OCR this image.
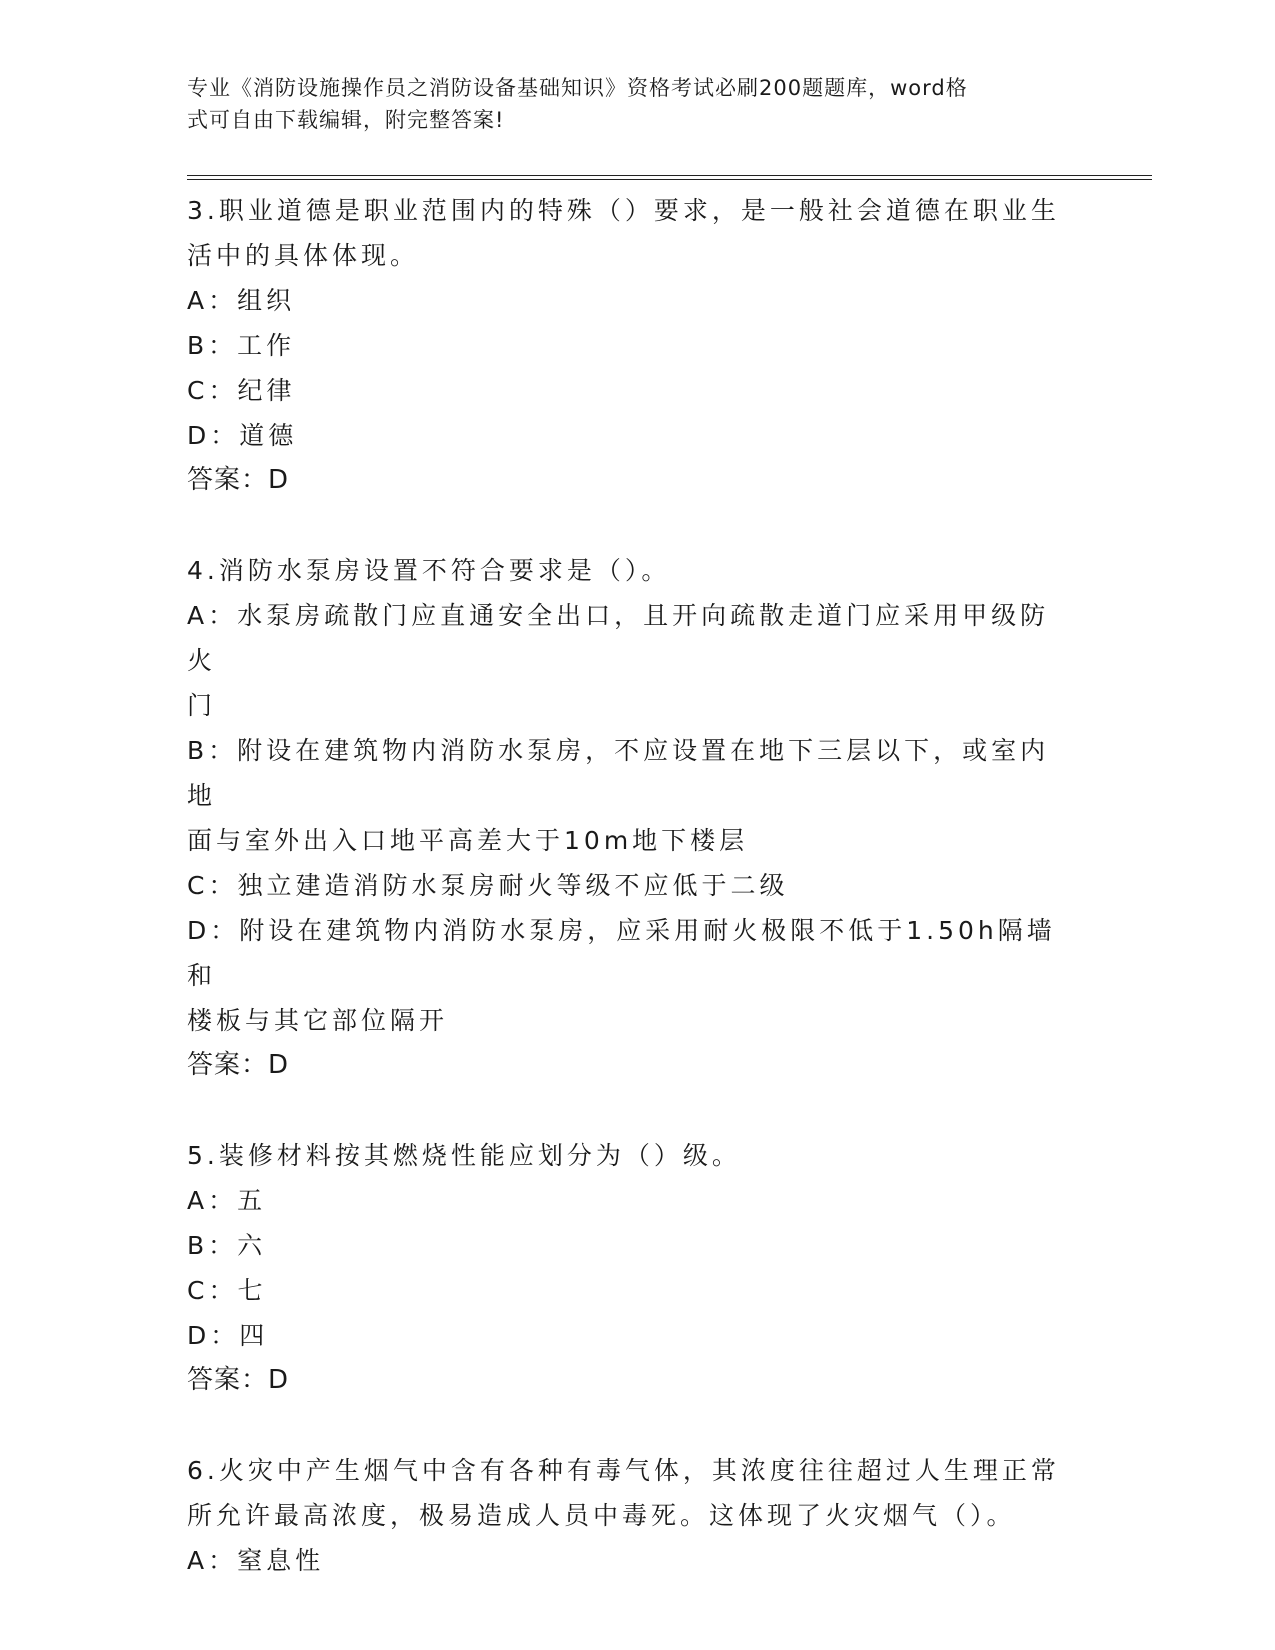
专业《消防设施操作员之消防设备基础知识》资格考试必刷200题题库，word格
式可自由下载编辑，附完整答案!
3.职业道德是职业范围内的特殊（）要求，是一般社会道德在职业生
活中的具体体现。
A：组织
B：工作
C：纪律
D：道德
答案：D
4.消防水泵房设置不符合要求是（）。
A：水泵房疏散门应直通安全出口，且开向疏散走道门应采用甲级防火
门
B：附设在建筑物内消防水泵房，不应设置在地下三层以下，或室内地
面与室外出入口地平高差大于10m地下楼层
C：独立建造消防水泵房耐火等级不应低于二级
D：附设在建筑物内消防水泵房，应采用耐火极限不低于1.50h隔墙和
楼板与其它部位隔开
答案：D
5.装修材料按其燃烧性能应划分为（）级。
A：五
B：六
C：七
D：四
答案：D
6.火灾中产生烟气中含有各种有毒气体，其浓度往往超过人生理正常
所允许最高浓度，极易造成人员中毒死。这体现了火灾烟气（）。
A：窒息性
